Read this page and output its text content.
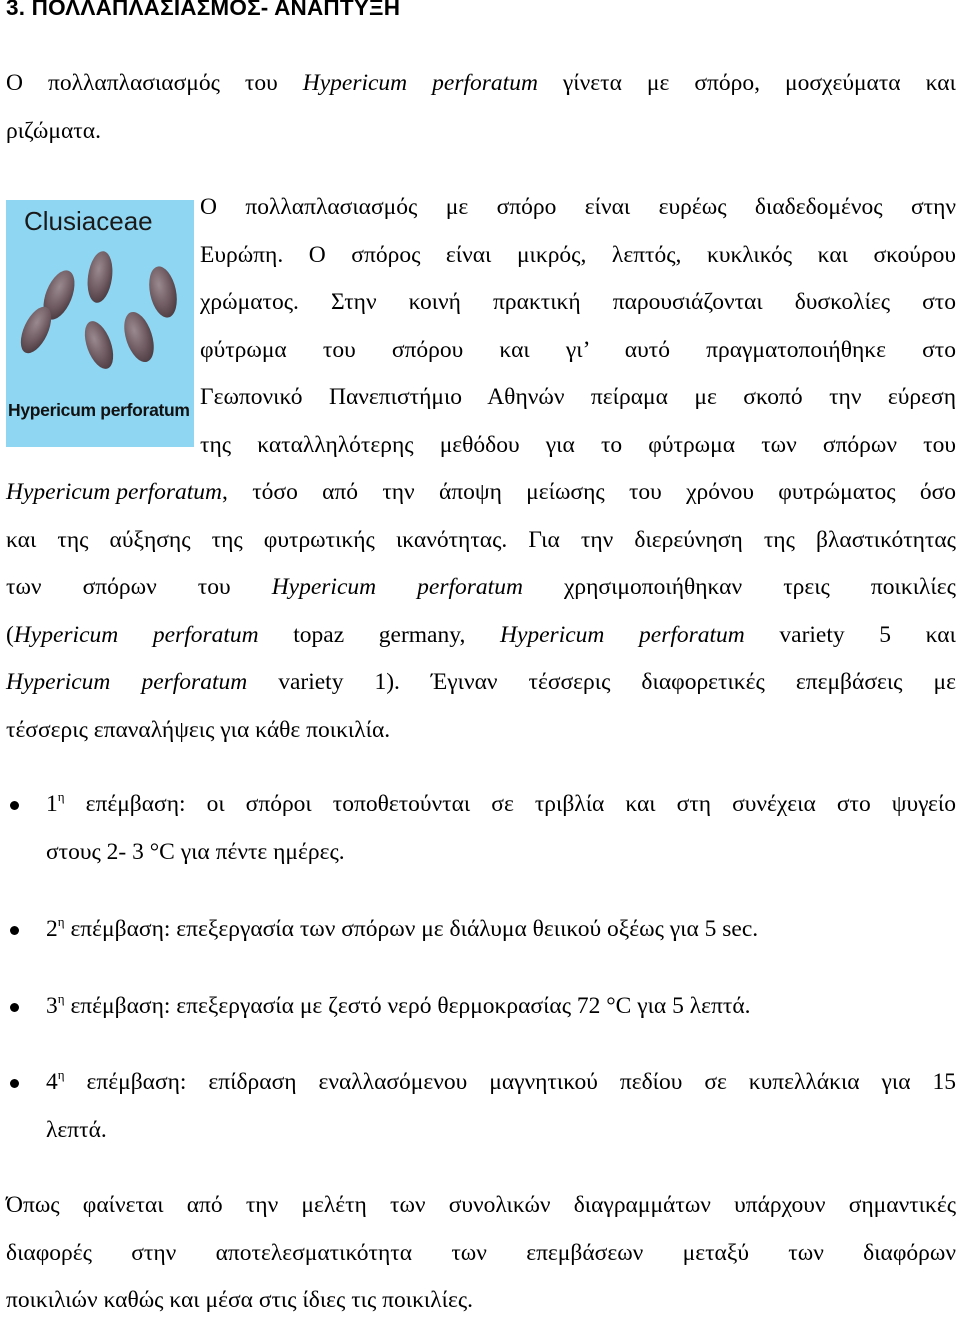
3. ΠΟΛΛΑΠΛΑΣΙΑΣΜΟΣ- ΑΝΑΠΤΥΞΗ
Ο πολλαπλασιασμός του Hypericum perforatum γίνετα με σπόρο, μοσχεύματα και
ριζώματα.
Clusiaceae
Hypericum perforatum
Ο πολλαπλασιασμός με σπόρο είναι ευρέως διαδεδομένος στην
Ευρώπη. Ο σπόρος είναι μικρός, λεπτός, κυκλικός και σκούρου
χρώματος. Στην κοινή πρακτική παρουσιάζονται δυσκολίες στο
φύτρωμα του σπόρου και γι’ αυτό πραγματοποιήθηκε στο
Γεωπονικό Πανεπιστήμιο Αθηνών πείραμα με σκοπό την εύρεση
της καταλληλότερης μεθόδου για το φύτρωμα των σπόρων του
Hypericum perforatum , τόσο από την άποψη μείωσης του χρόνου φυτρώματος όσο
και της αύξησης της φυτρωτικής ικανότητας. Για την διερεύνηση της βλαστικότητας
των σπόρων του Hypericum perforatum χρησιμοποιήθηκαν τρεις ποικιλίες
(Hypericum perforatum topaz germany, Hypericum perforatum variety 5 και
Hypericum perforatum variety 1). Έγιναν τέσσερις διαφορετικές επεμβάσεις με
τέσσερις επαναλήψεις για κάθε ποικιλία.
$1^\eta$ επέμβαση: οι σπόροι τοποθετούνται σε τριβλία και στη συνέχεια στο ψυγείο
στους 2- 3 °C για πέντε ημέρες.
$2^\eta$ επέμβαση: επεξεργασία των σπόρων με διάλυμα θειικού οξέως για 5 sec.
$3^\eta$ επέμβαση: επεξεργασία με ζεστό νερό θερμοκρασίας 72 °C για 5 λεπτά.
$4^\eta$ επέμβαση: επίδραση εναλλασόμενου μαγνητικού πεδίου σε κυπελλάκια για 15
λεπτά.
Όπως φαίνεται από την μελέτη των συνολικών διαγραμμάτων υπάρχουν σημαντικές
διαφορές στην αποτελεσματικότητα των επεμβάσεων μεταξύ των διαφόρων
ποικιλιών καθώς και μέσα στις ίδιες τις ποικιλίες.
